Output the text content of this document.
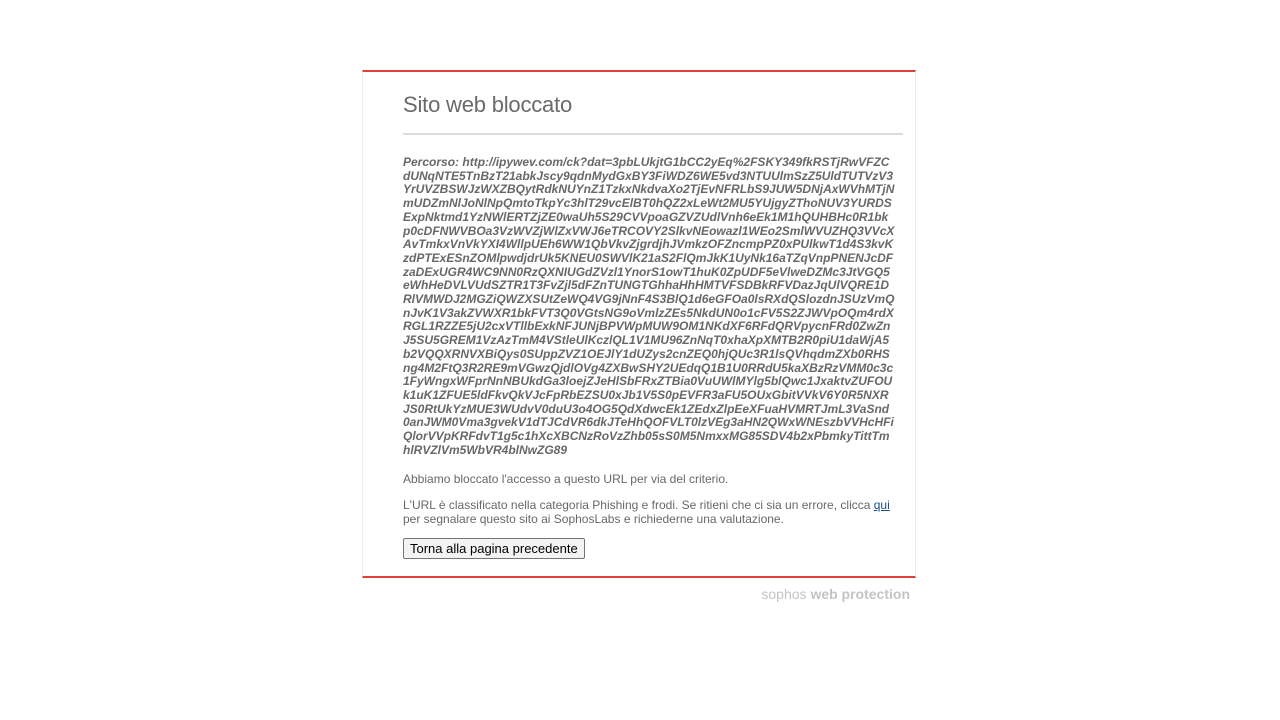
Sito web bloccato
Percorso: http://ipywev.com/ck?dat=3pbLUkjtG1bCC2yEq%2FSKY349fkRSTjRwVFZCdUNqNTE5TnBzT21abkJscy9qdnMydGxBY3FiWDZ6WE5vd3NTUUlmSzZ5UldTUTVzV3YrUVZBSWJzWXZBQytRdkNUYnZ1TzkxNkdvaXo2TjEvNFRLbS9JUW5DNjAxWVhMTjNmUDZmNlJoNlNpQmtoTkpYc3hlT29vcElBT0hQZ2xLeWt2MU5YUjgyZThoNUV3YURDSExpNktmd1YzNWlERTZjZE0waUh5S29CVVpoaGZVZUdlVnh6eEk1M1hQUHBHc0R1bkp0cDFNWVBOa3VzWVZjWlZxVWJ6eTRCOVY2SlkvNEowazl1WEo2SmlWVUZHQ3VVcXAvTmkxVnVkYXI4WllpUEh6WW1QbVkvZjgrdjhJVmkzOFZncmpPZ0xPUlkwT1d4S3kvKzdPTExESnZOMlpwdjdrUk5KNEU0SWVlK21aS2FlQmJkK1UyNk16aTZqVnpPNENJcDFzaDExUGR4WC9NN0RzQXNIUGdZVzl1YnorS1owT1huK0ZpUDF5eVlweDZMc3JtVGQ5eWhHeDVLVUdSZTR1T3FvZjl5dFZnTUNGTGhhaHhHMTVFSDBkRFVDazJqUlVQRE1DRlVMWDJ2MGZiQWZXSUtZeWQ4VG9jNnF4S3BlQ1d6eGFOa0lsRXdQSlozdnJSUzVmQnJvK1V3akZVWXR1bkFVT3Q0VGtsNG9oVmlzZEs5NkdUN0o1cFV5S2ZJWVpOQm4rdXRGL1RZZE5jU2cxVTllbExkNFJUNjBPVWpMUW9OM1NKdXF6RFdQRVpycnFRd0ZwZnJ5SU5GREM1VzAzTmM4VStleUlKczlQL1V1MU96ZnNqT0xhaXpXMTB2R0piU1daWjA5b2VQQXRNVXBiQys0SUppZVZ1OEJlY1dUZys2cnZEQ0hjQUc3R1lsQVhqdmZXb0RHSng4M2FtQ3R2RE9mVGwzQjdlOVg4ZXBwSHY2UEdqQ1B1U0RRdU5kaXBzRzVMM0c3c1FyWngxWFprNnNBUkdGa3loejZJeHlSbFRxZTBia0VuUWlMYlg5blQwc1JxaktvZUFOUk1uK1ZFUE5ldFkvQkVJcFpRbEZSU0xJb1V5S0pEVFR3aFU5OUxGbitVVkV6Y0R5NXRJS0RtUkYzMUE3WUdvV0duU3o4OG5QdXdwcEk1ZEdxZlpEeXFuaHVMRTJmL3VaSnd0anJWM0Vma3gvekV1dTJCdVR6dkJTeHhQOFVLT0lzVEg3aHN2QWxWNEszbVVHcHFiQlorVVpKRFdvT1g5c1hXcXBCNzRoVzZhb05sS0M5NmxxMG85SDV4b2xPbmkyTittTmhlRVZlVm5WbVR4blNwZG89
Abbiamo bloccato l'accesso a questo URL per via del criterio.
L'URL è classificato nella categoria Phishing e frodi. Se ritieni che ci sia un errore, clicca qui
per segnalare questo sito ai SophosLabs e richiederne una valutazione.
Torna alla pagina precedente
sophos web protection
